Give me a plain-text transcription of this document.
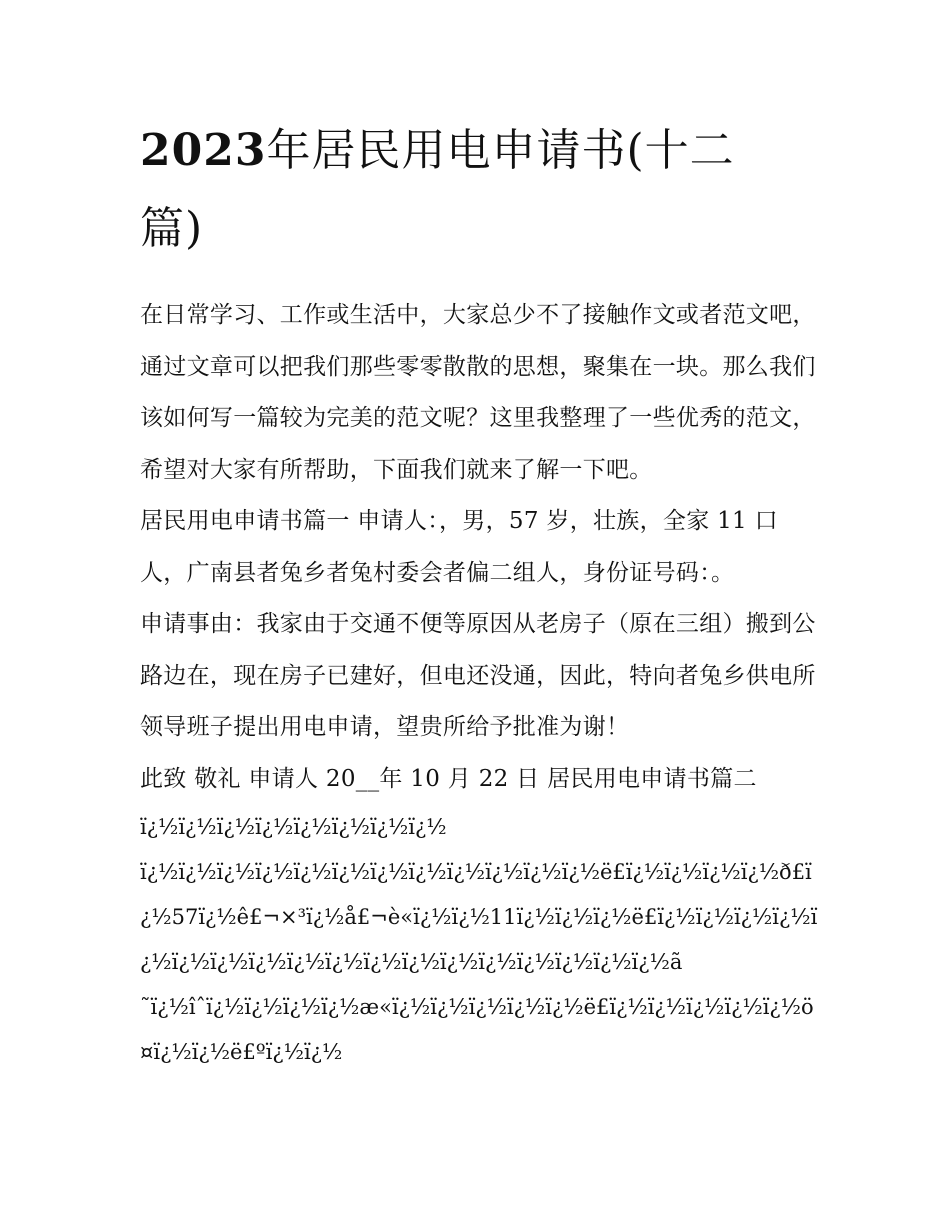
2023年居民用电申请书(十二
篇)

在日常学习、工作或生活中，大家总少不了接触作文或者范文吧，通过文章可以把我们那些零零散散的思想，聚集在一块。那么我们该如何写一篇较为完美的范文呢？这里我整理了一些优秀的范文，希望对大家有所帮助，下面我们就来了解一下吧。

居民用电申请书篇一 申请人：，男，57 岁，壮族，全家 11 口人，广南县者兔乡者兔村委会者偏二组人，身份证号码：。

申请事由：我家由于交通不便等原因从老房子（原在三组）搬到公路边在，现在房子已建好，但电还没通，因此，特向者兔乡供电所领导班子提出用电申请，望贵所给予批准为谢！

此致 敬礼 申请人 20__年 10 月 22 日 居民用电申请书篇二

ï¿½ï¿½ï¿½ï¿½ï¿½ï¿½ï¿½ï¿½

ï¿½ï¿½ï¿½ï¿½ï¿½ï¿½ï¿½ï¿½ï¿½ï¿½ï¿½ï¿½ë£ï¿½ï¿½ï¿½ï¿½ð£ï¿½57ï¿½ê£¬×³ï¿½å£¬è«ï¿½ï¿½11ï¿½ï¿½ï¿½ë£ï¿½ï¿½ï¿½ï¿½ï¿½ï¿½ï¿½ï¿½ï¿½ï¿½ï¿½ï¿½ï¿½ï¿½ï¿½ï¿½ï¿½ï¿½ã

˜ï¿½îˆï¿½ï¿½ï¿½ï¿½æ«ï¿½ï¿½ï¿½ï¿½ï¿½ë£ï¿½ï¿½ï¿½ï¿½ï¿½ö¤ï¿½ï¿½ë£ºï¿½ï¿½
